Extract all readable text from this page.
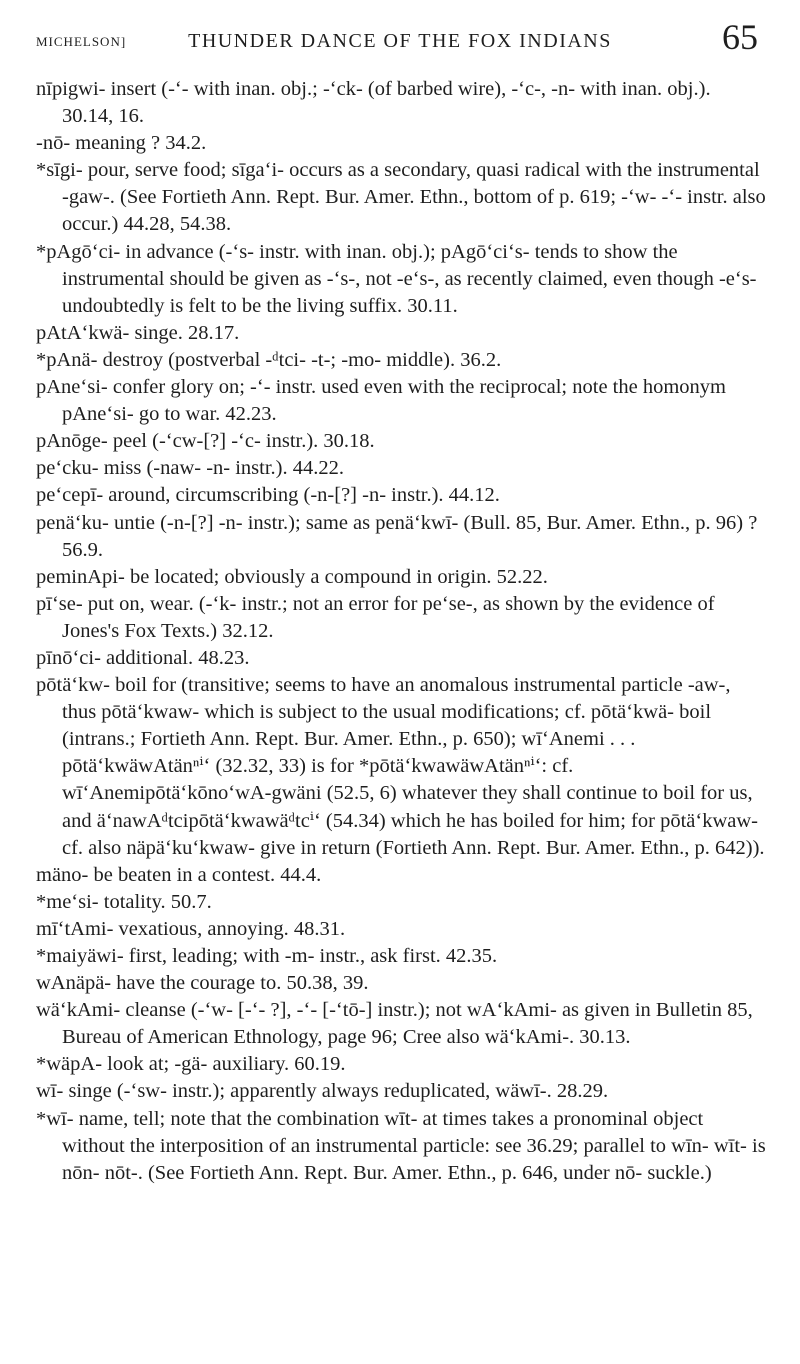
MICHELSON]	THUNDER DANCE OF THE FOX INDIANS	65

nīpigwi- insert (-ʻ- with inan. obj.; -ʻck- (of barbed wire), -ʻc-, -n- with inan. obj.). 30.14, 16.

-nō- meaning ? 34.2.

*sīgi- pour, serve food; sīgaʻi- occurs as a secondary, quasi radical with the instrumental -gaw-. (See Fortieth Ann. Rept. Bur. Amer. Ethn., bottom of p. 619; -ʻw- -ʻ- instr. also occur.) 44.28, 54.38.

*pAgōʻci- in advance (-ʻs- instr. with inan. obj.); pAgōʻciʻs- tends to show the instrumental should be given as -ʻs-, not -eʻs-, as recently claimed, even though -eʻs- undoubtedly is felt to be the living suffix. 30.11.

pAtAʻkwä- singe. 28.17.

*pAnä- destroy (postverbal -ᵈtci- -t-; -mo- middle). 36.2.

pAneʻsi- confer glory on; -ʻ- instr. used even with the reciprocal; note the homonym pAneʻsi- go to war. 42.23.

pAnōge- peel (-ʻcw-[?] -ʻc- instr.). 30.18.

peʻcku- miss (-naw- -n- instr.). 44.22.

peʻcepī- around, circumscribing (-n-[?] -n- instr.). 44.12.

penäʻku- untie (-n-[?] -n- instr.); same as penäʻkwī- (Bull. 85, Bur. Amer. Ethn., p. 96) ? 56.9.

peminApi- be located; obviously a compound in origin. 52.22.

pīʻse- put on, wear. (-ʻk- instr.; not an error for peʻse-, as shown by the evidence of Jones's Fox Texts.) 32.12.

pīnōʻci- additional. 48.23.

pōtäʻkw- boil for (transitive; seems to have an anomalous instrumental particle -aw-, thus pōtäʻkwaw- which is subject to the usual modifications; cf. pōtäʻkwä- boil (intrans.; Fortieth Ann. Rept. Bur. Amer. Ethn., p. 650); wīʻAnemi . . . pōtäʻkwäwAtänⁿⁱʻ (32.32, 33) is for *pōtäʻkwawäwAtänⁿⁱʻ: cf. wīʻAnemipōtäʻkōnoʻwA-gwäni (52.5, 6) whatever they shall continue to boil for us, and äʻnawAᵈtcipōtäʻkwawäᵈtcⁱʻ (54.34) which he has boiled for him; for pōtäʻkwaw- cf. also näpäʻkuʻkwaw- give in return (Fortieth Ann. Rept. Bur. Amer. Ethn., p. 642)).

mäno- be beaten in a contest. 44.4.

*meʻsi- totality. 50.7.

mīʻtAmi- vexatious, annoying. 48.31.

*maiyäwi- first, leading; with -m- instr., ask first. 42.35.

wAnäpä- have the courage to. 50.38, 39.

wäʻkAmi- cleanse (-ʻw- [-ʻ- ?], -ʻ- [-ʻtō-] instr.); not wAʻkAmi- as given in Bulletin 85, Bureau of American Ethnology, page 96; Cree also wäʻkAmi-. 30.13.

*wäpA- look at; -gä- auxiliary. 60.19.

wī- singe (-ʻsw- instr.); apparently always reduplicated, wäwī-. 28.29.

*wī- name, tell; note that the combination wīt- at times takes a pronominal object without the interposition of an instrumental particle: see 36.29; parallel to wīn- wīt- is nōn- nōt-. (See Fortieth Ann. Rept. Bur. Amer. Ethn., p. 646, under nō- suckle.)
